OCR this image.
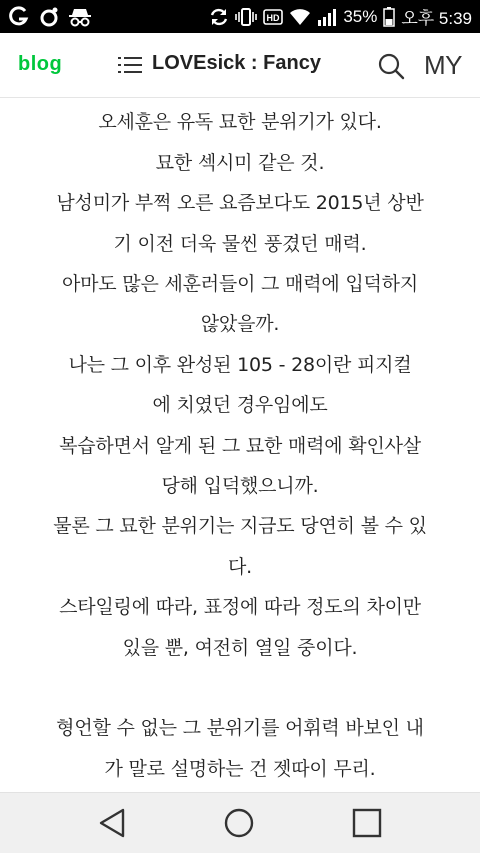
HD	35% 오후 5:39
blog	LOVEsick : Fancy	MY
오세훈은 유독 묘한 분위기가 있다.
묘한 섹시미 같은 것.
남성미가 부쩍 오른 요즘보다도 2015년 상반
기 이전 더욱 물씬 풍겼던 매력.
아마도 많은 세훈러들이 그 매력에 입덕하지
않았을까.
나는 그 이후 완성된 105 - 28이란 피지컬
에 치였던 경우임에도
복습하면서 알게 된 그 묘한 매력에 확인사살
당해 입덕했으니까.
물론 그 묘한 분위기는 지금도 당연히 볼 수 있
다.
스타일링에 따라, 표정에 따라 정도의 차이만
있을 뿐, 여전히 열일 중이다.
형언할 수 없는 그 분위기를 어휘력 바보인 내
가 말로 설명하는 건 젯따이 무리.
